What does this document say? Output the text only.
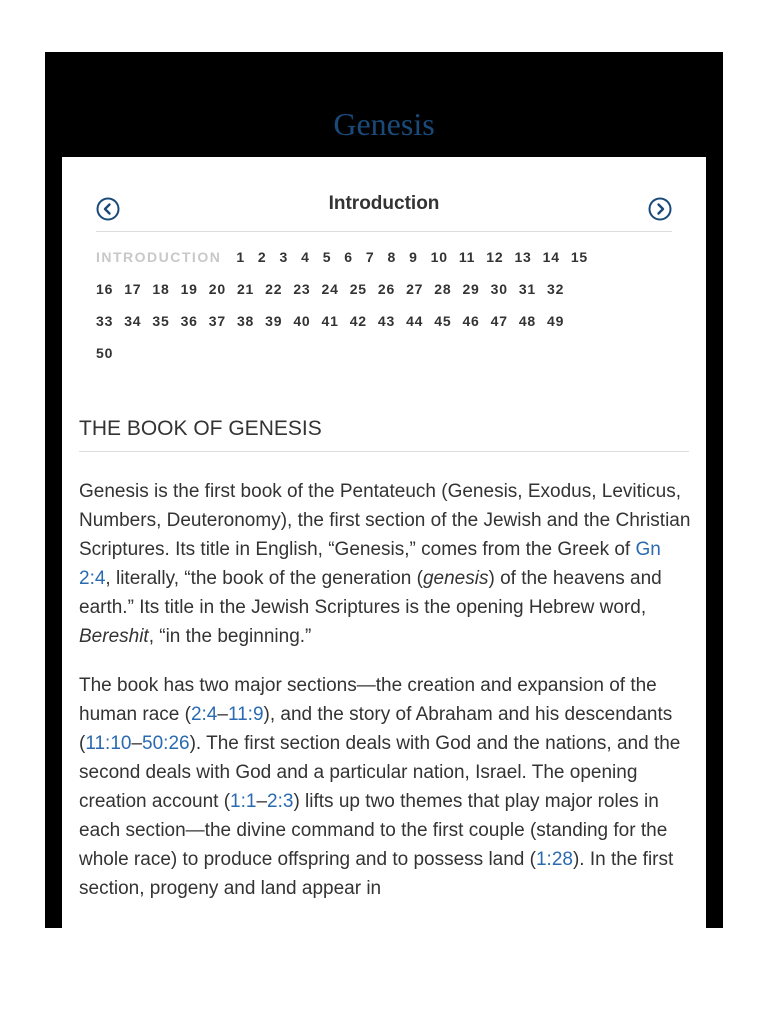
Genesis
Introduction
INTRODUCTION 1 2 3 4 5 6 7 8 9 10 11 12 13 14 15
16 17 18 19 20 21 22 23 24 25 26 27 28 29 30 31 32
33 34 35 36 37 38 39 40 41 42 43 44 45 46 47 48 49
50
THE BOOK OF GENESIS

Genesis is the first book of the Pentateuch (Genesis, Exodus, Leviticus, Numbers, Deuteronomy), the first section of the Jewish and the Christian Scriptures. Its title in English, “Genesis,” comes from the Greek of Gn 2:4, literally, “the book of the generation (genesis) of the heavens and earth.” Its title in the Jewish Scriptures is the opening Hebrew word, Bereshit, “in the beginning.”

The book has two major sections—the creation and expansion of the human race (2:4–11:9), and the story of Abraham and his descendants (11:10–50:26). The first section deals with God and the nations, and the second deals with God and a particular nation, Israel. The opening creation account (1:1–2:3) lifts up two themes that play major roles in each section—the divine command to the first couple (standing for the whole race) to produce offspring and to possess land (1:28). In the first section, progeny and land appear in
